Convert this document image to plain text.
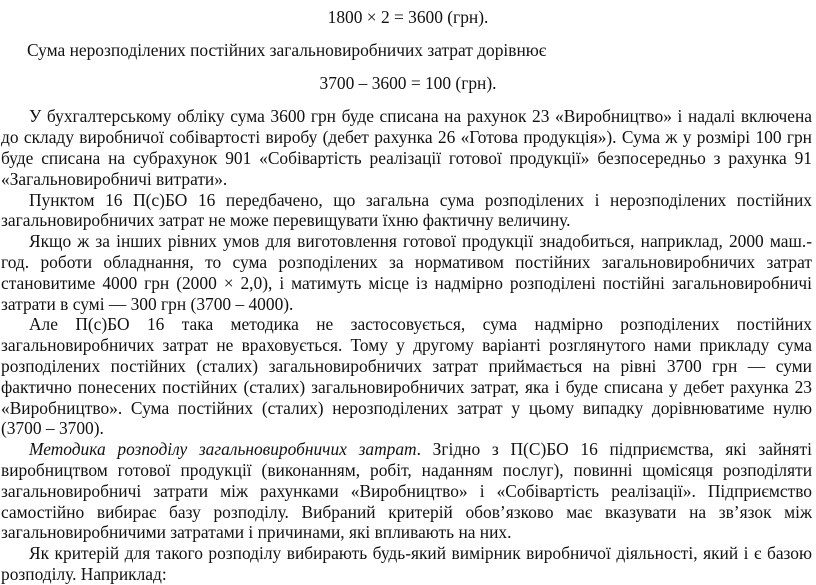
1800 × 2 = 3600 (грн).

Сума нерозподілених постійних загальновиробничих затрат дорівнює

3700 – 3600 = 100 (грн).

У бухгалтерському обліку сума 3600 грн буде списана на рахунок 23 «Виробництво» і надалі включена до складу виробничої собівартості виробу (дебет рахунка 26 «Готова продукція»). Сума ж у розмірі 100 грн буде списана на субрахунок 901 «Собівартість реалізації готової продукції» безпосередньо з рахунка 91 «Загальновиробничі витрати».

Пунктом 16 П(с)БО 16 передбачено, що загальна сума розподілених і нерозподілених постійних загальновиробничих затрат не може перевищувати їхню фактичну величину.

Якщо ж за інших рівних умов для виготовлення готової продукції знадобиться, наприклад, 2000 маш.-год. роботи обладнання, то сума розподілених за нормативом постійних загальновиробничих затрат становитиме 4000 грн (2000 × 2,0), і матимуть місце із надмірно розподілені постійні загальновиробничі затрати в сумі — 300 грн (3700 – 4000).

Але П(с)БО 16 така методика не застосовується, сума надмірно розподілених постійних загальновиробничих затрат не враховується. Тому у другому варіанті розглянутого нами прикладу сума розподілених постійних (сталих) загальновиробничих затрат приймається на рівні 3700 грн — суми фактично понесених постійних (сталих) загальновиробничих затрат, яка і буде списана у дебет рахунка 23 «Виробництво». Сума постійних (сталих) нерозподілених затрат у цьому випадку дорівнюватиме нулю (3700 – 3700).

Методика розподілу загальновиробничих затрат. Згідно з П(С)БО 16 підприємства, які зайняті виробництвом готової продукції (виконанням, робіт, наданням послуг), повинні щомісяця розподіляти загальновиробничі затрати між рахунками «Виробництво» і «Собівартість реалізації». Підприємство самостійно вибирає базу розподілу. Вибраний критерій обов’язково має вказувати на зв’язок між загальновиробничими затратами і причинами, які впливають на них.

Як критерій для такого розподілу вибирають будь-який вимірник виробничої діяльності, який і є базою розподілу. Наприклад:
